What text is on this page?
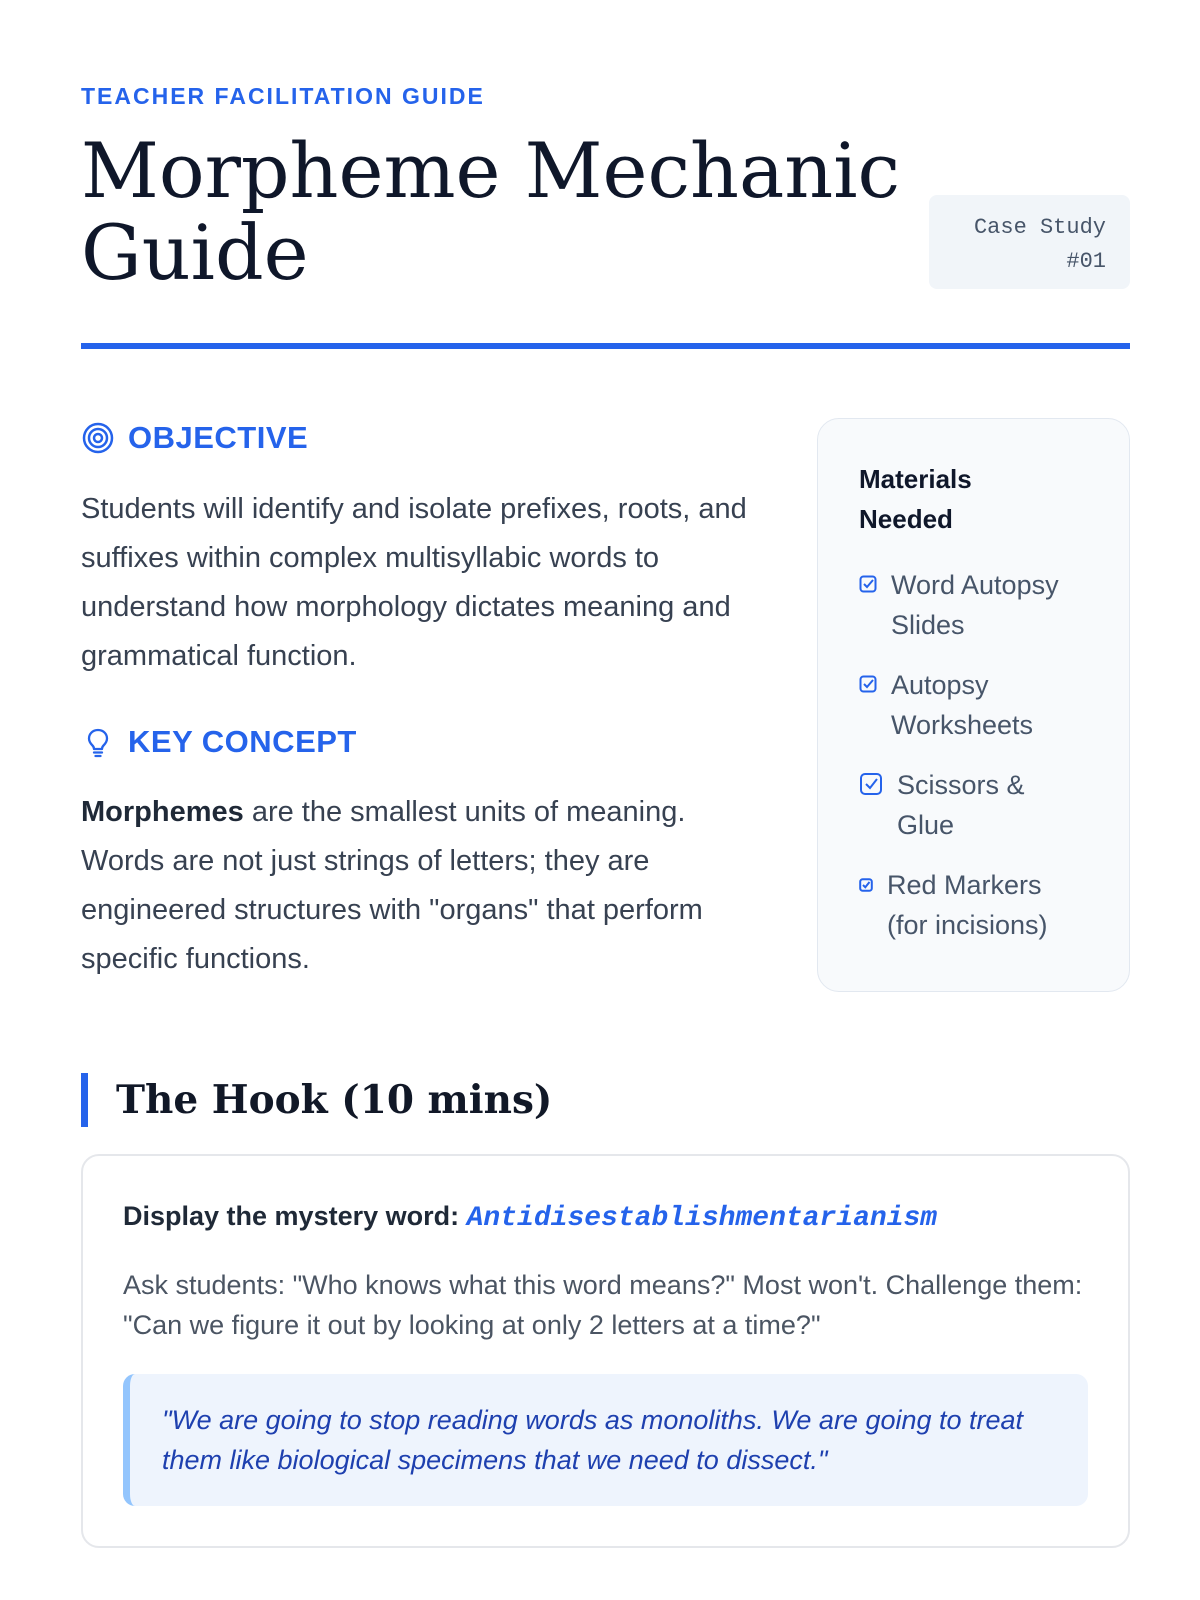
TEACHER FACILITATION GUIDE
Morpheme Mechanic Guide	Case Study
#01
OBJECTIVE

Students will identify and isolate prefixes, roots, and suffixes within complex multisyllabic words to understand how morphology dictates meaning and grammatical function.

KEY CONCEPT

Morphemes are the smallest units of meaning. Words are not just strings of letters; they are engineered structures with "organs" that perform specific functions.

Materials Needed
Word Autopsy Slides
Autopsy Worksheets
Scissors & Glue
Red Markers (for incisions)
The Hook (10 mins)

Display the mystery word: Antidisestablishmentarianism

Ask students: "Who knows what this word means?" Most won't. Challenge them: "Can we figure it out by looking at only 2 letters at a time?"

"We are going to stop reading words as monoliths. We are going to treat them like biological specimens that we need to dissect."
